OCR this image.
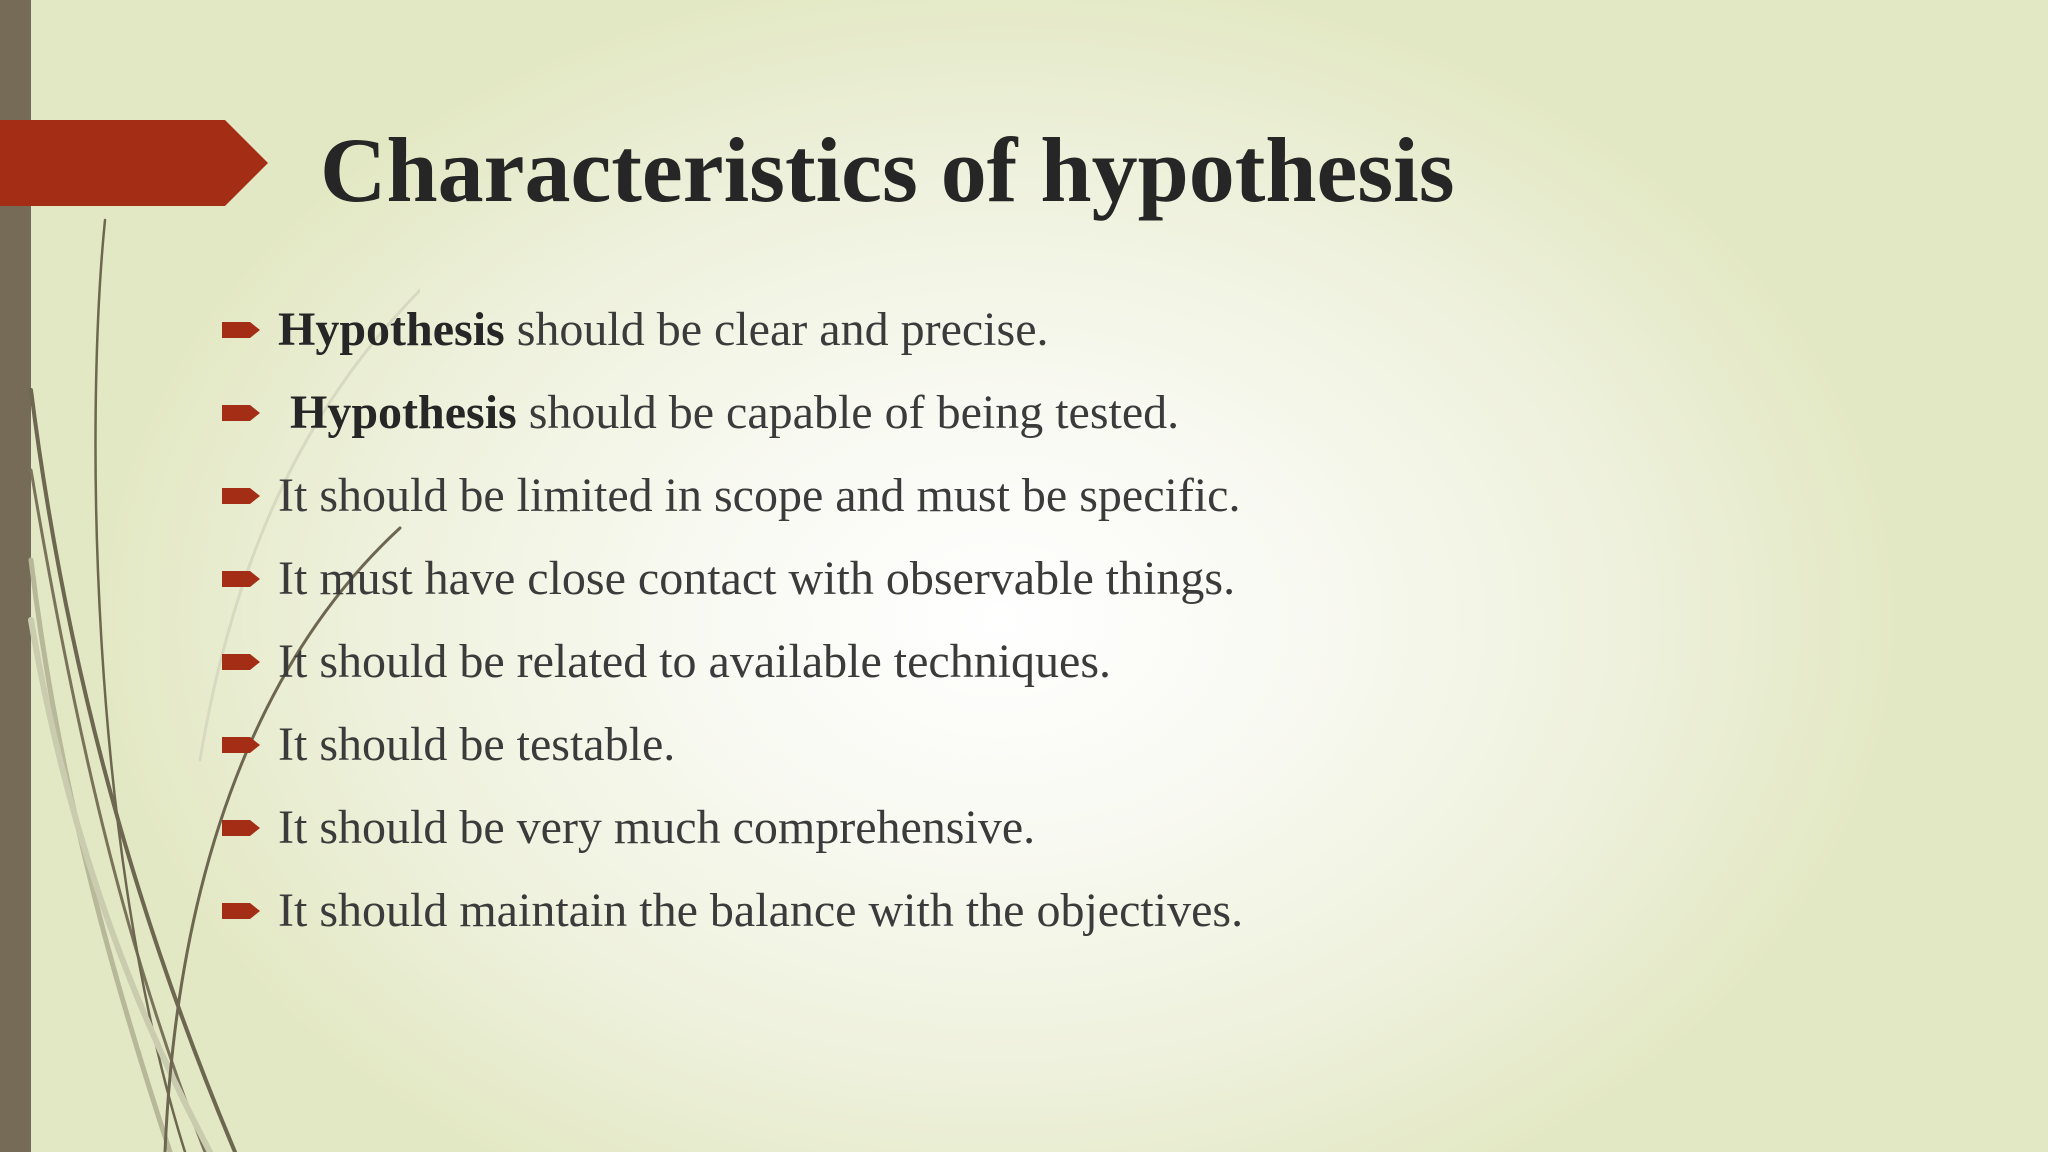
Characteristics of hypothesis
Hypothesis should be clear and precise.

Hypothesis should be capable of being tested.
It should be limited in scope and must be specific.
It must have close contact with observable things.
It should be related to available techniques.
It should be testable.
It should be very much comprehensive.
It should maintain the balance with the objectives.
